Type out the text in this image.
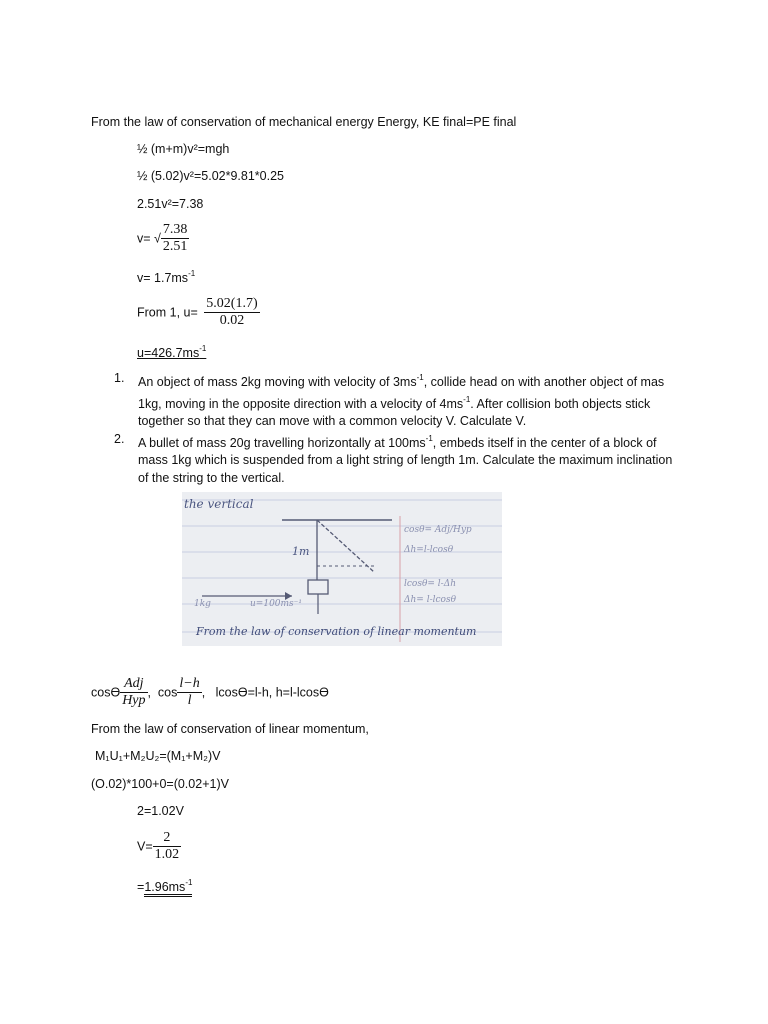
From the law of conservation of mechanical energy Energy, KE final=PE final
½ (m+m)v²=mgh
½ (5.02)v²=5.02*9.81*0.25
2.51v²=7.38
v= √ $\frac{7.38}{2.51}$
$v= 1.7ms^{-1}$
From 1, $u= \frac{5.02(1.7)}{0.02}$
$u=426.7ms^{-1}$
1. An object of mass 2kg moving with velocity of $3ms^{-1}$, collide head on with another object of mas 1kg, moving in the opposite direction with a velocity of $4ms^{-1}$. After collision both objects stick together so that they can move with a common velocity V. Calculate V.
2. A bullet of mass 20g travelling horizontally at $100ms^{-1}$, embeds itself in the center of a block of mass 1kg which is suspended from a light string of length 1m. Calculate the maximum inclination of the string to the vertical.
the vertical
1m
cosθ= Adj/Hyp
Δh=l-lcosθ
lcosθ= l-Δh
Δh= l-lcosθ
1kg	u=100ms⁻¹
From the law of conservation of linear momentum
cosϴ $\frac{\text{Adj}}{\text{Hyp}}$ ,  $\cos \frac{l-h}{l}$ ,   lcosϴ=l-h, h=l-lcosϴ
From the law of conservation of linear momentum,
M₁U₁+M₂U₂=(M₁+M₂)V
(O.02)*100+0=(0.02+1)V
2=1.02V
$V= \frac{2}{1.02}$
$=1.96ms^{-1}$
